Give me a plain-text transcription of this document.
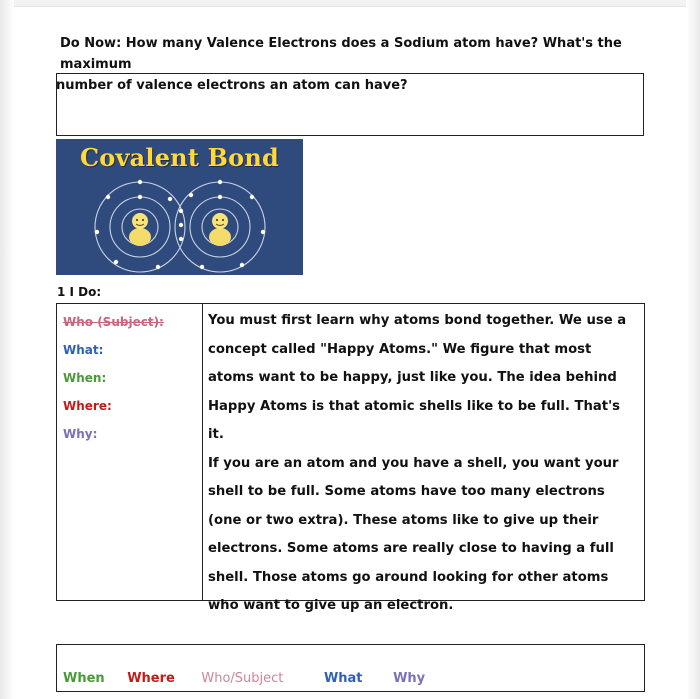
Do Now: How many Valence Electrons does a Sodium atom have? What's the maximum
number of valence electrons an atom can have?
Covalent Bond
1 I Do:
Who (Subject):
What:
When:
Where:
Why:
You must first learn why atoms bond together. We use a
concept called "Happy Atoms." We figure that most
atoms want to be happy, just like you. The idea behind
Happy Atoms is that atomic shells like to be full. That's it.
If you are an atom and you have a shell, you want your
shell to be full. Some atoms have too many electrons
(one or two extra). These atoms like to give up their
electrons. Some atoms are really close to having a full
shell. Those atoms go around looking for other atoms
who want to give up an electron.
When Where Who/Subject	What Why
